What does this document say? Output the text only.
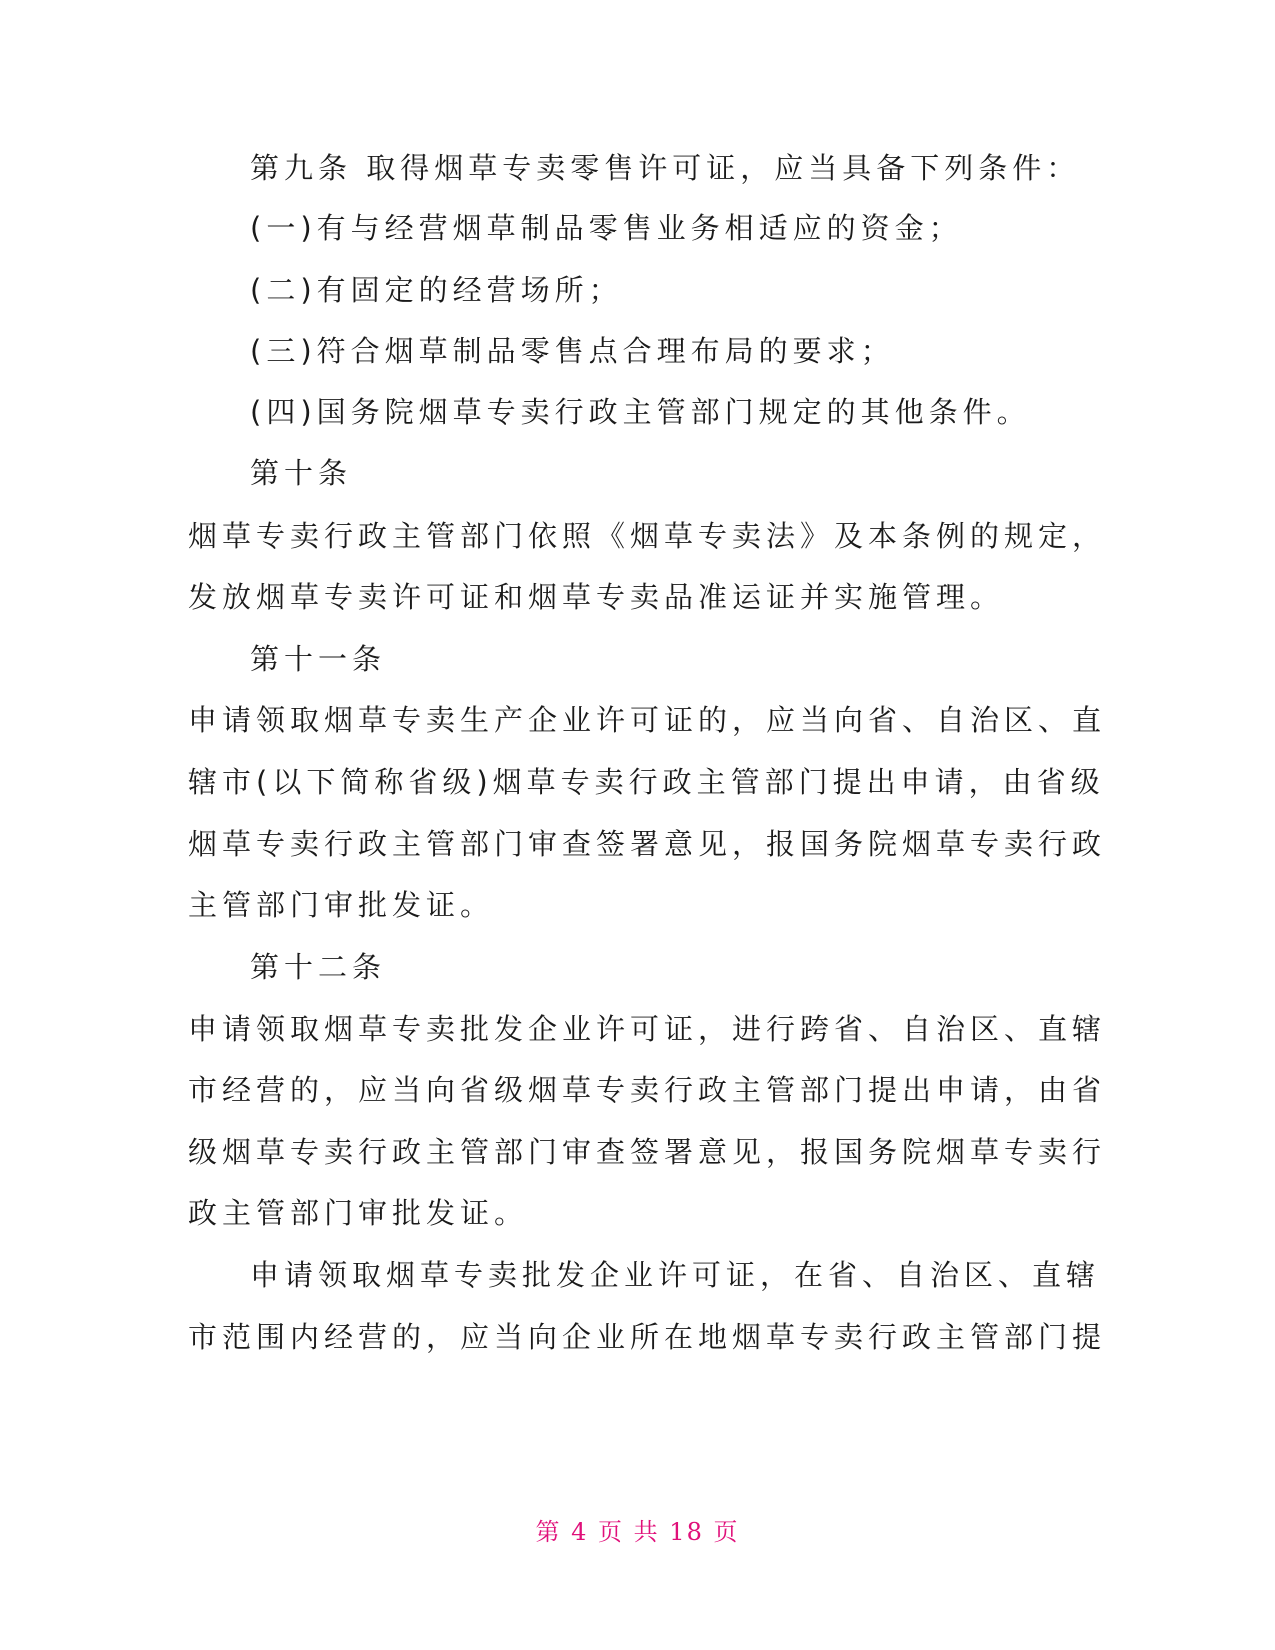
第九条 取得烟草专卖零售许可证，应当具备下列条件：
(一)有与经营烟草制品零售业务相适应的资金；
(二)有固定的经营场所；
(三)符合烟草制品零售点合理布局的要求；
(四)国务院烟草专卖行政主管部门规定的其他条件。
第十条
烟草专卖行政主管部门依照《烟草专卖法》及本条例的规定，
发放烟草专卖许可证和烟草专卖品准运证并实施管理。
第十一条
申请领取烟草专卖生产企业许可证的，应当向省、自治区、直
辖市(以下简称省级)烟草专卖行政主管部门提出申请，由省级
烟草专卖行政主管部门审查签署意见，报国务院烟草专卖行政
主管部门审批发证。
第十二条
申请领取烟草专卖批发企业许可证，进行跨省、自治区、直辖
市经营的，应当向省级烟草专卖行政主管部门提出申请，由省
级烟草专卖行政主管部门审查签署意见，报国务院烟草专卖行
政主管部门审批发证。
申请领取烟草专卖批发企业许可证，在省、自治区、直辖
市范围内经营的，应当向企业所在地烟草专卖行政主管部门提
第 4 页 共 18 页
